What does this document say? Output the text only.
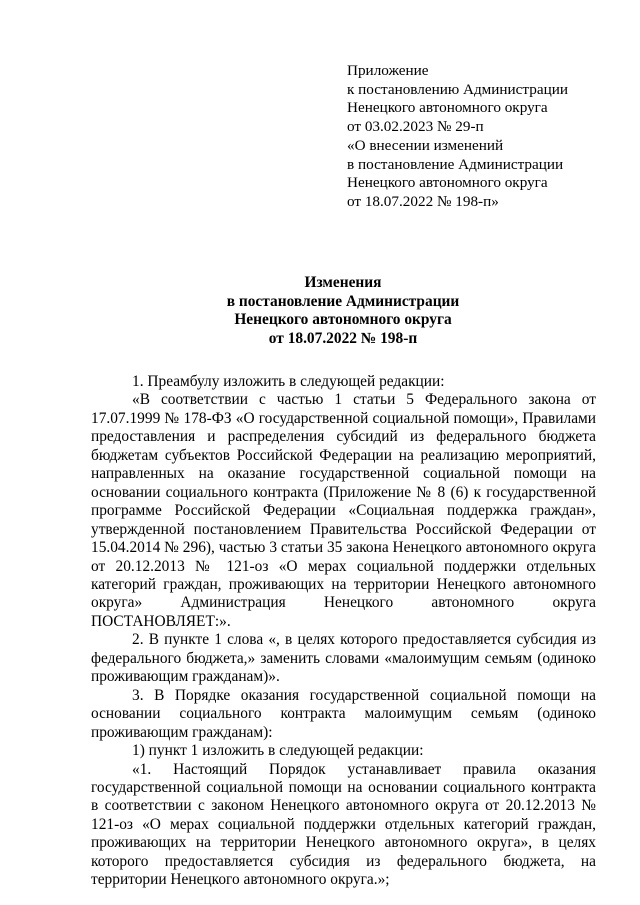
Приложение
к постановлению Администрации
Ненецкого автономного округа
от 03.02.2023 № 29-п
«О внесении изменений
в постановление Администрации
Ненецкого автономного округа
от 18.07.2022 № 198-п»
Изменения
в постановление Администрации
Ненецкого автономного округа
от 18.07.2022 № 198-п

1. Преамбулу изложить в следующей редакции:

«В соответствии с частью 1 статьи 5 Федерального закона от 17.07.1999 № 178-ФЗ «О государственной социальной помощи», Правилами предоставления и распределения субсидий из федерального бюджета бюджетам субъектов Российской Федерации на реализацию мероприятий, направленных на оказание государственной социальной помощи на основании социального контракта (Приложение № 8 (6) к государственной программе Российской Федерации «Социальная поддержка граждан», утвержденной постановлением Правительства Российской Федерации от 15.04.2014 № 296), частью 3 статьи 35 закона Ненецкого автономного округа от 20.12.2013 № 121-оз «О мерах социальной поддержки отдельных категорий граждан, проживающих на территории Ненецкого автономного округа» Администрация Ненецкого автономного округа ПОСТАНОВЛЯЕТ:».

2. В пункте 1 слова «, в целях которого предоставляется субсидия из федерального бюджета,» заменить словами «малоимущим семьям (одиноко проживающим гражданам)».

3. В Порядке оказания государственной социальной помощи на основании социального контракта малоимущим семьям (одиноко проживающим гражданам):

1) пункт 1 изложить в следующей редакции:

«1. Настоящий Порядок устанавливает правила оказания государственной социальной помощи на основании социального контракта в соответствии с законом Ненецкого автономного округа от 20.12.2013 № 121-оз «О мерах социальной поддержки отдельных категорий граждан, проживающих на территории Ненецкого автономного округа», в целях которого предоставляется субсидия из федерального бюджета, на территории Ненецкого автономного округа.»;
